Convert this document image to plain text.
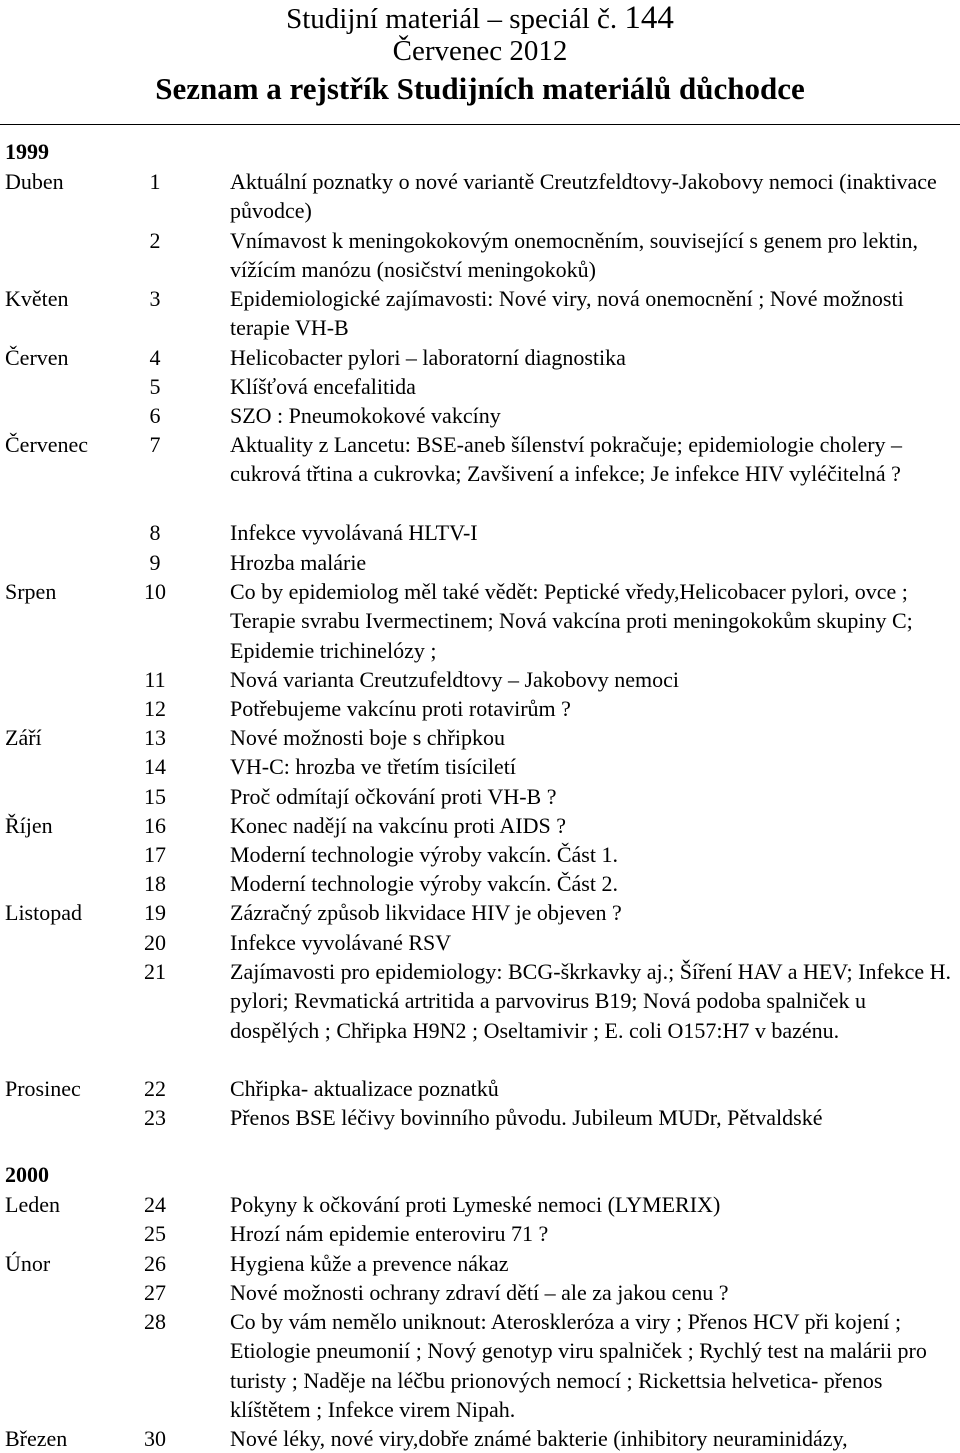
Studijní materiál – speciál č. 144
Červenec 2012
Seznam a rejstřík Studijních materiálů důchodce
1999
Duben	1	Aktuální poznatky o nové variantě Creutzfeldtovy-Jakobovy nemoci (inaktivace původce)
2	Vnímavost k meningokokovým onemocněním, související s genem pro lektin, vížícím manózu (nosičství meningokoků)
Květen	3	Epidemiologické zajímavosti: Nové viry, nová onemocnění ; Nové možnosti terapie VH-B
Červen	4	Helicobacter pylori – laboratorní diagnostika
5	Klíšťová encefalitida
6	SZO : Pneumokokové vakcíny
Červenec	7	Aktuality z Lancetu: BSE-aneb šílenství pokračuje; epidemiologie cholery – cukrová třtina a cukrovka; Zavšivení a infekce; Je infekce HIV vyléčitelná ?
8	Infekce vyvolávaná HLTV-I
9	Hrozba malárie
Srpen	10	Co by epidemiolog měl také vědět: Peptické vředy,Helicobacer pylori, ovce ; Terapie svrabu Ivermectinem; Nová vakcína proti meningokokům skupiny C; Epidemie trichinelózy ;
11	Nová varianta Creutzufeldtovy – Jakobovy nemoci
12	Potřebujeme vakcínu proti rotavirům ?
Září	13	Nové možnosti boje s chřipkou
14	VH-C: hrozba ve třetím tisíciletí
15	Proč odmítají očkování proti VH-B ?
Říjen	16	Konec nadějí na vakcínu proti AIDS ?
17	Moderní technologie výroby vakcín. Část 1.
18	Moderní technologie výroby vakcín. Část 2.
Listopad	19	Zázračný způsob likvidace HIV je objeven ?
20	Infekce vyvolávané RSV
21	Zajímavosti pro epidemiology: BCG-škrkavky aj.; Šíření HAV a HEV; Infekce H. pylori; Revmatická artritida a parvovirus B19; Nová podoba spalniček u dospělých ; Chřipka H9N2 ; Oseltamivir ; E. coli O157:H7 v bazénu.
Prosinec	22	Chřipka- aktualizace poznatků
23	Přenos BSE léčivy bovinního původu. Jubileum MUDr, Pětvaldské
2000
Leden	24	Pokyny k očkování proti Lymeské nemoci (LYMERIX)
25	Hrozí nám epidemie enteroviru 71 ?
Únor	26	Hygiena kůže a prevence nákaz
27	Nové možnosti ochrany zdraví dětí – ale za jakou cenu ?
28	Co by vám nemělo uniknout: Ateroskleróza a viry ; Přenos HCV při kojení ; Etiologie pneumonií ; Nový genotyp viru spalniček ; Rychlý test na malárii pro turisty ; Naděje na léčbu prionových nemocí ; Rickettsia helvetica- přenos klíštětem ; Infekce virem Nipah.
Březen	30	Nové léky, nové viry,dobře známé bakterie (inhibitory neuraminidázy,
